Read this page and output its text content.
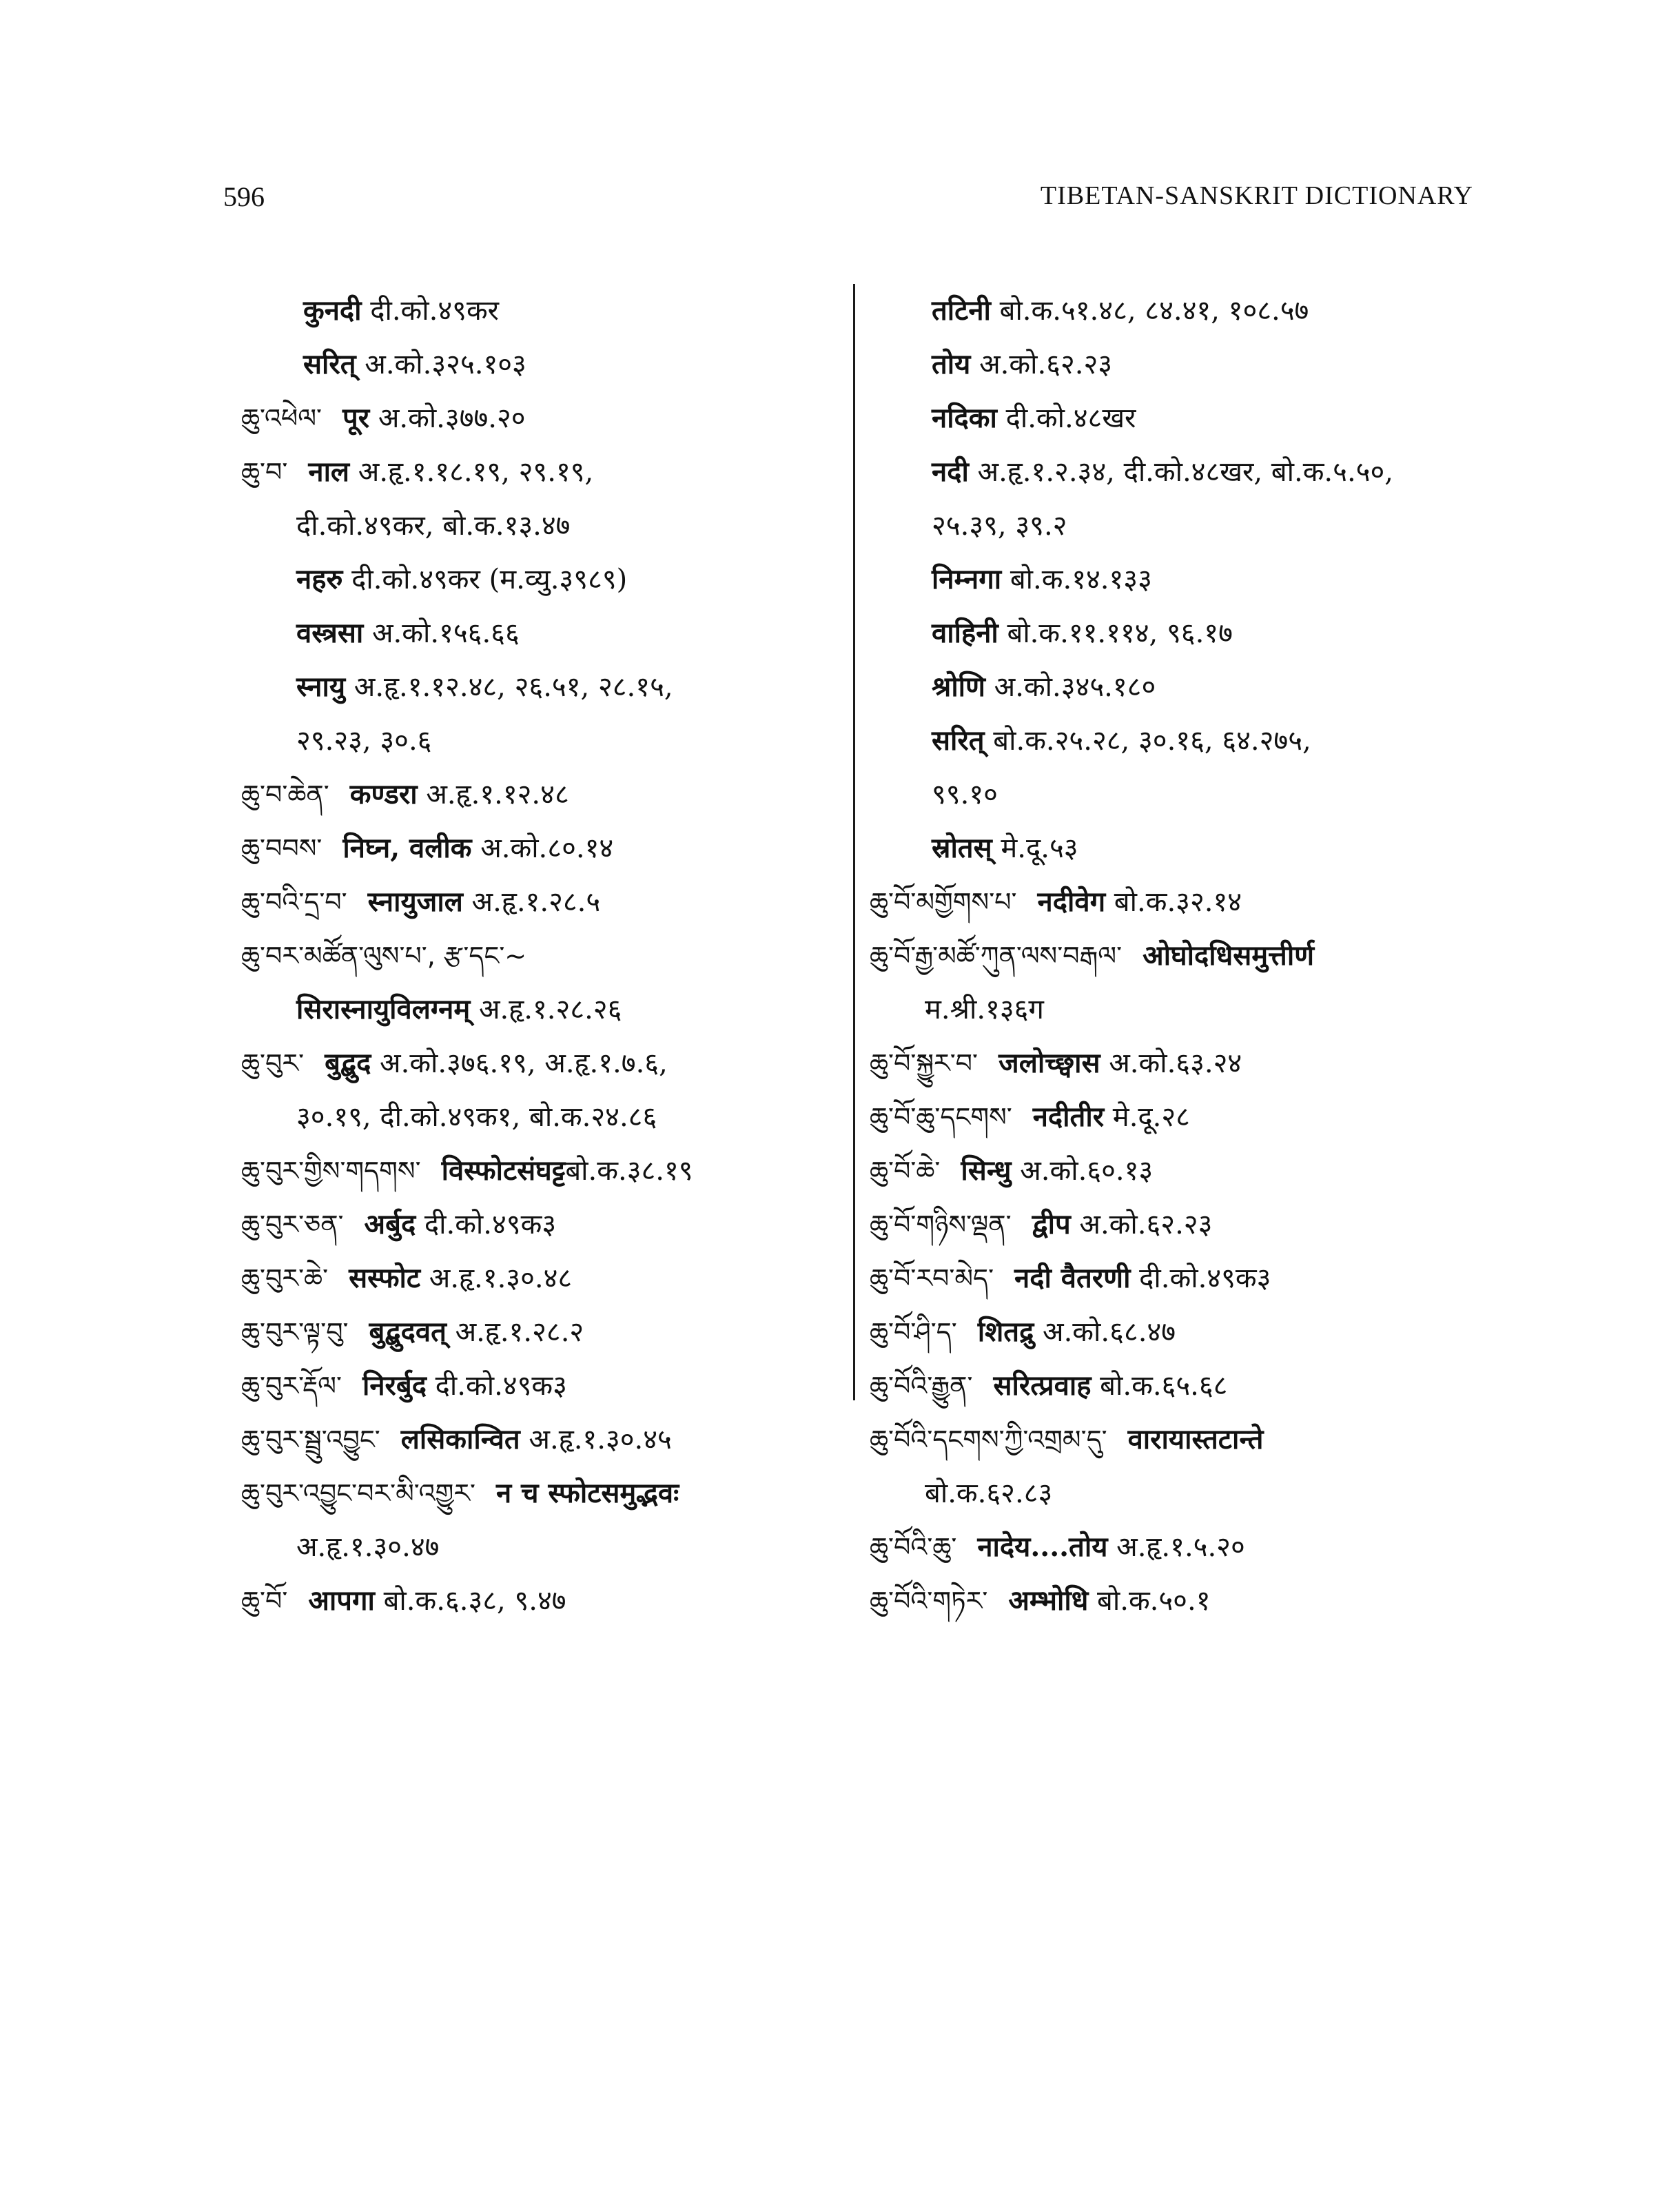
596	TIBETAN-SANSKRIT DICTIONARY
कुनदी दी.को.४९कर
सरित् अ.को.३२५.१०३
ཆུ་འཕེལ་ पूर अ.को.३७७.२०
ཆུ་བ་ नाल अ.हृ.१.१८.१९, २९.१९,
दी.को.४९कर, बो.क.१३.४७
नहरु दी.को.४९कर (म.व्यु.३९८९)
वस्त्रसा अ.को.१५६.६६
स्नायु अ.हृ.१.१२.४८, २६.५१, २८.१५,
२९.२३, ३०.६
ཆུ་བ་ཆེན་ कण्डरा अ.हृ.१.१२.४८
ཆུ་བབས་ निघ्न, वलीक अ.को.८०.१४
ཆུ་བའི་དྲ་བ་ स्नायुजाल अ.हृ.१.२८.५
ཆུ་བར་མཚོན་ལུས་པ་, རྩ་དང་~
सिरास्नायुविलग्नम् अ.हृ.१.२८.२६
ཆུ་བུར་ बुद्बुद अ.को.३७६.१९, अ.हृ.१.७.६,
३०.१९, दी.को.४९क१, बो.क.२४.८६
ཆུ་བུར་གྱིས་གདགས་ विस्फोटसंघट्टबो.क.३८.१९
ཆུ་བུར་ཅན་ अर्बुद दी.को.४९क३
ཆུ་བུར་ཆེ་ सस्फोट अ.हृ.१.३०.४८
ཆུ་བུར་ལྟ་བུ་ बुद्बुदवत् अ.हृ.१.२८.२
ཆུ་བུར་རྡོལ་ निरर्बुद दी.को.४९क३
ཆུ་བུར་སྦྲུ་འབྱུང་ लसिकान्वित अ.हृ.१.३०.४५
ཆུ་བུར་འབྱུང་བར་མི་འགྱུར་ न च स्फोटसमुद्भवः
अ.हृ.१.३०.४७
ཆུ་བོ་ आपगा बो.क.६.३८, ९.४७
तटिनी बो.क.५१.४८, ८४.४१, १०८.५७
तोय अ.को.६२.२३
नदिका दी.को.४८खर
नदी अ.हृ.१.२.३४, दी.को.४८खर, बो.क.५.५०,
२५.३९, ३९.२
निम्नगा बो.क.१४.१३३
वाहिनी बो.क.११.११४, ९६.१७
श्रोणि अ.को.३४५.१८०
सरित् बो.क.२५.२८, ३०.१६, ६४.२७५,
९९.१०
स्रोतस् मे.दू.५३
ཆུ་བོ་མགྱོགས་པ་ नदीवेग बो.क.३२.१४
ཆུ་བོ་རྒྱ་མཚོ་ཀུན་ལས་བརྒལ་ ओघोदधिसमुत्तीर्ण
म.श्री.१३६ग
ཆུ་བོ་སྐྱུར་བ་ जलोच्छ्वास अ.को.६३.२४
ཆུ་བོ་ཆུ་དངགས་ नदीतीर मे.दू.२८
ཆུ་བོ་ཆེ་ सिन्धु अ.को.६०.१३
ཆུ་བོ་གཉིས་ལྡན་ द्वीप अ.को.६२.२३
ཆུ་བོ་རབ་མེད་ नदी वैतरणी दी.को.४९क३
ཆུ་བོ་ཤི་ད་ शितद्रु अ.को.६८.४७
ཆུ་བོའི་རྒྱུན་ सरित्प्रवाह बो.क.६५.६८
ཆུ་བོའི་དངགས་ཀྱི་འགྲམ་དུ་ वारायास्तटान्ते
बो.क.६२.८३
ཆུ་བོའི་ཆུ་ नादेय....तोय अ.हृ.१.५.२०
ཆུ་བོའི་གཏེར་ अम्भोधि बो.क.५०.१
